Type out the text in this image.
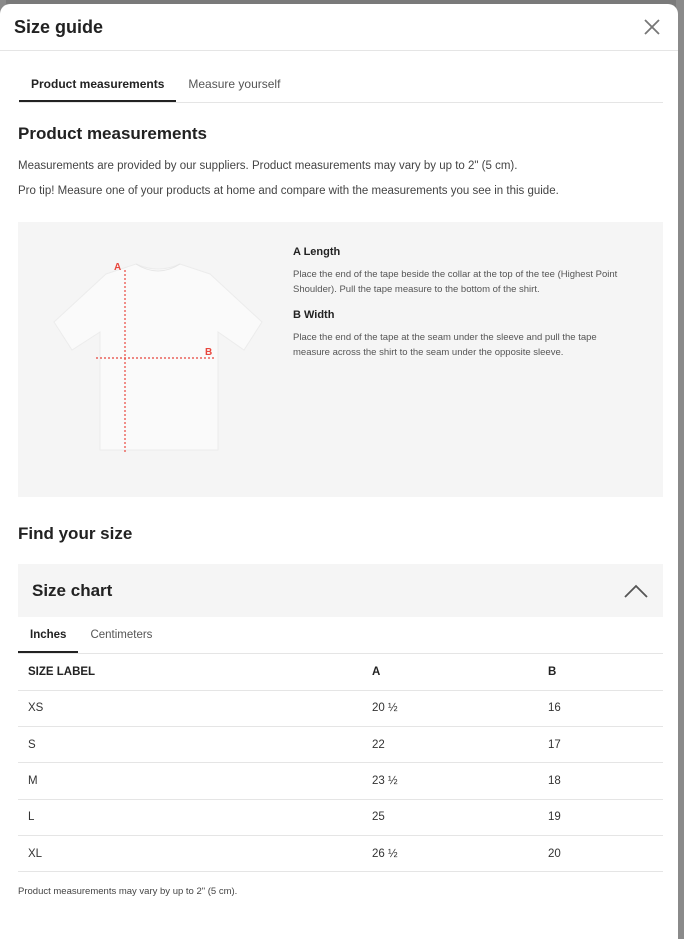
Size guide
Product measurements	Measure yourself
Product measurements
Measurements are provided by our suppliers. Product measurements may vary by up to 2" (5 cm).
Pro tip! Measure one of your products at home and compare with the measurements you see in this guide.
A
B
A Length
Place the end of the tape beside the collar at the top of the tee (Highest Point Shoulder). Pull the tape measure to the bottom of the shirt.
B Width
Place the end of the tape at the seam under the sleeve and pull the tape measure across the shirt to the seam under the opposite sleeve.
Find your size
Size chart
Inches	Centimeters
SIZE LABEL	A	B
XS	20 ½	16
S	22	17
M	23 ½	18
L	25	19
XL	26 ½	20
Product measurements may vary by up to 2" (5 cm).
